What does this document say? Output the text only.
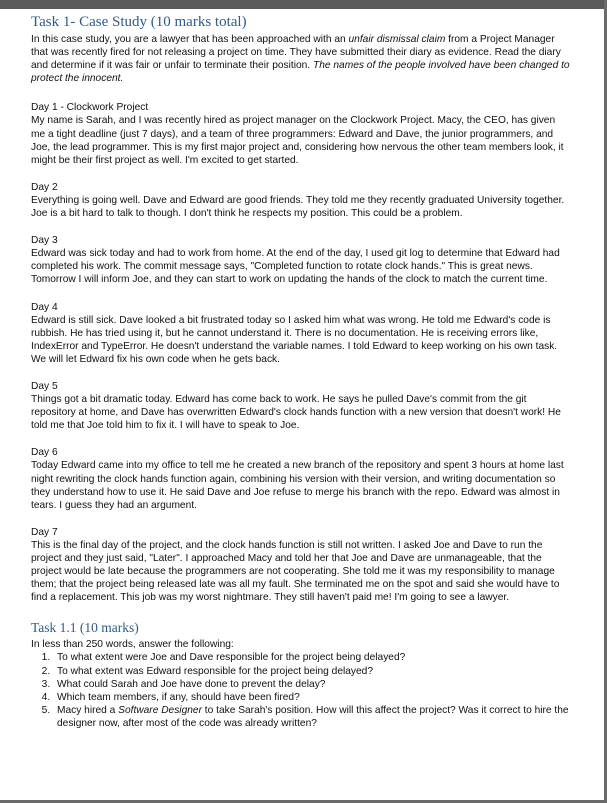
Task 1- Case Study (10 marks total)

In this case study, you are a lawyer that has been approached with an unfair dismissal claim from a Project Manager that was recently fired for not releasing a project on time. They have submitted their diary as evidence. Read the diary and determine if it was fair or unfair to terminate their position. The names of the people involved have been changed to protect the innocent.

Day 1 - Clockwork Project

My name is Sarah, and I was recently hired as project manager on the Clockwork Project. Macy, the CEO, has given me a tight deadline (just 7 days), and a team of three programmers: Edward and Dave, the junior programmers, and Joe, the lead programmer. This is my first major project and, considering how nervous the other team members look, it might be their first project as well. I'm excited to get started.

Day 2

Everything is going well. Dave and Edward are good friends. They told me they recently graduated University together. Joe is a bit hard to talk to though. I don't think he respects my position. This could be a problem.

Day 3

Edward was sick today and had to work from home. At the end of the day, I used git log to determine that Edward had completed his work. The commit message says, "Completed function to rotate clock hands." This is great news. Tomorrow I will inform Joe, and they can start to work on updating the hands of the clock to match the current time.

Day 4

Edward is still sick. Dave looked a bit frustrated today so I asked him what was wrong. He told me Edward's code is rubbish. He has tried using it, but he cannot understand it. There is no documentation. He is receiving errors like, IndexError and TypeError. He doesn't understand the variable names. I told Edward to keep working on his own task. We will let Edward fix his own code when he gets back.

Day 5

Things got a bit dramatic today. Edward has come back to work. He says he pulled Dave's commit from the git repository at home, and Dave has overwritten Edward's clock hands function with a new version that doesn't work! He told me that Joe told him to fix it. I will have to speak to Joe.

Day 6

Today Edward came into my office to tell me he created a new branch of the repository and spent 3 hours at home last night rewriting the clock hands function again, combining his version with their version, and writing documentation so they understand how to use it. He said Dave and Joe refuse to merge his branch with the repo. Edward was almost in tears. I guess they had an argument.

Day 7

This is the final day of the project, and the clock hands function is still not written. I asked Joe and Dave to run the project and they just said, "Later". I approached Macy and told her that Joe and Dave are unmanageable, that the project would be late because the programmers are not cooperating. She told me it was my responsibility to manage them; that the project being released late was all my fault. She terminated me on the spot and said she would have to find a replacement. This job was my worst nightmare. They still haven't paid me! I'm going to see a lawyer.

Task 1.1 (10 marks)

In less than 250 words, answer the following:

1. To what extent were Joe and Dave responsible for the project being delayed?
2. To what extent was Edward responsible for the project being delayed?
3. What could Sarah and Joe have done to prevent the delay?
4. Which team members, if any, should have been fired?
5. Macy hired a Software Designer to take Sarah's position. How will this affect the project? Was it correct to hire the designer now, after most of the code was already written?
